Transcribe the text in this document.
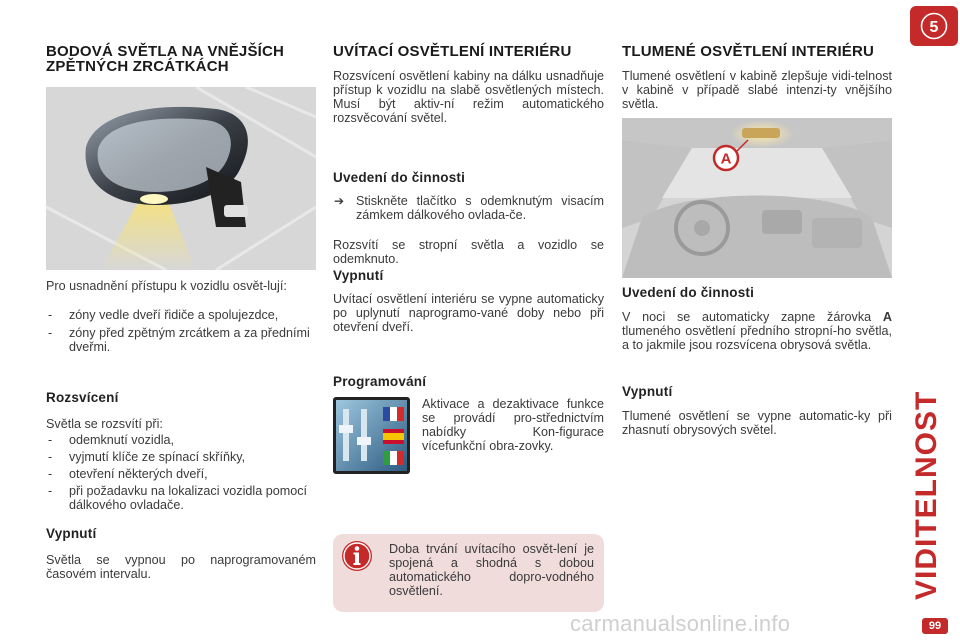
BODOVÁ SVĚTLA NA VNĚJŠÍCH ZPĚTNÝCH ZRCÁTKÁCH

Pro usnadnění přístupu k vozidlu osvět-lují:

- zóny vedle dveří řidiče a spolujezdce,
- zóny před zpětným zrcátkem a za předními dveřmi.
Rozsvícení

Světla se rozsvítí při:

- odemknutí vozidla,
- vyjmutí klíče ze spínací skříňky,
- otevření některých dveří,
- při požadavku na lokalizaci vozidla pomocí dálkového ovladače.
Vypnutí

Světla se vypnou po naprogramovaném časovém intervalu.

UVÍTACÍ OSVĚTLENÍ INTERIÉRU

Rozsvícení osvětlení kabiny na dálku usnadňuje přístup k vozidlu na slabě osvětlených místech. Musí být aktiv-ní režim automatického rozsvěcování světel.

Uvedení do činnosti
➔ Stiskněte tlačítko s odemknutým visacím zámkem dálkového ovlada-če.

Rozsvítí se stropní světla a vozidlo se odemknuto.

Vypnutí

Uvítací osvětlení interiéru se vypne automaticky po uplynutí naprogramo-vané doby nebo při otevření dveří.

Programování

Aktivace a dezaktivace funkce se provádí pro-střednictvím nabídky Kon-figurace vícefunkční obra-zovky.

Doba trvání uvítacího osvět-lení je spojená a shodná s dobou automatického dopro-vodného osvětlení.

TLUMENÉ OSVĚTLENÍ INTERIÉRU

Tlumené osvětlení v kabině zlepšuje vidi-telnost v kabině v případě slabé intenzi-ty vnějšího světla.

A
Uvedení do činnosti

V noci se automaticky zapne žárovka A tlumeného osvětlení předního stropní-ho světla, a to jakmile jsou rozsvícena obrysová světla.

Vypnutí

Tlumené osvětlení se vypne automatic-ky při zhasnutí obrysových světel.

5
VIDITELNOST
carmanualsonline.info	99
